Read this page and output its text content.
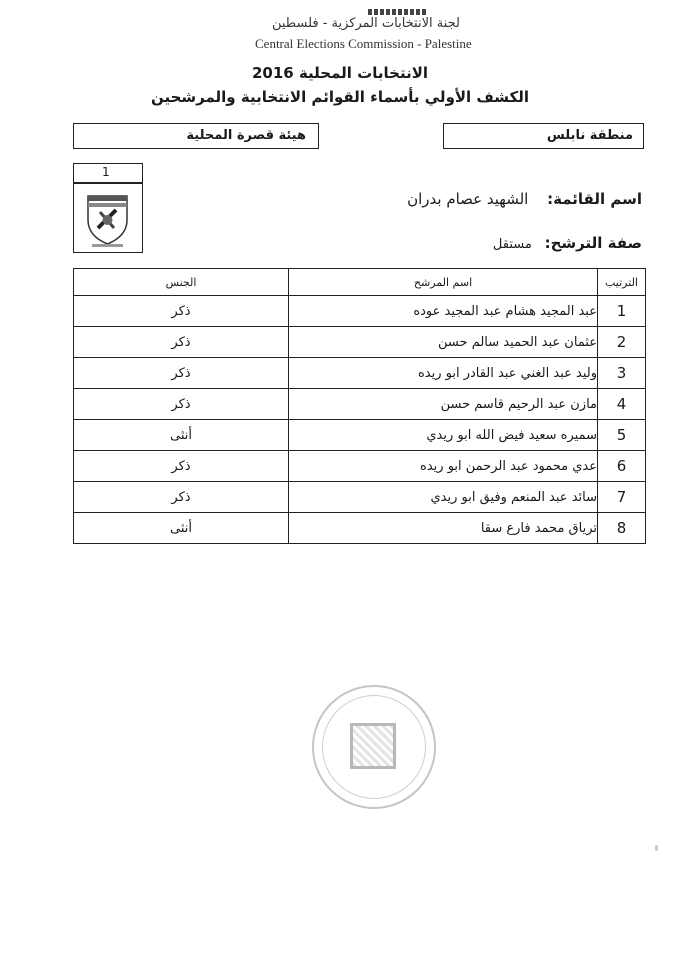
لجنة الانتخابات المركزية - فلسطين
Central Elections Commission - Palestine
الانتخابات المحلية 2016
الكشف الأولي بأسماء القوائم الانتخابية والمرشحين
منطقة نابلس
هيئة قصرة المحلية
1
اسم القائمة: الشهيد عصام بدران
صفة الترشح: مستقل
الترتيب	اسم المرشح	الجنس
1	عبد المجيد هشام عبد المجيد عوده	ذكر
2	عثمان عبد الحميد سالم حسن	ذكر
3	وليد عبد الغني عبد القادر ابو ريده	ذكر
4	مازن عبد الرحيم قاسم حسن	ذكر
5	سميره سعيد فيض الله ابو ريدي	أنثى
6	عدي محمود عبد الرحمن ابو ريده	ذكر
7	سائد عبد المنعم وفيق ابو ريدي	ذكر
8	ترياق محمد فارع سقا	أنثى
